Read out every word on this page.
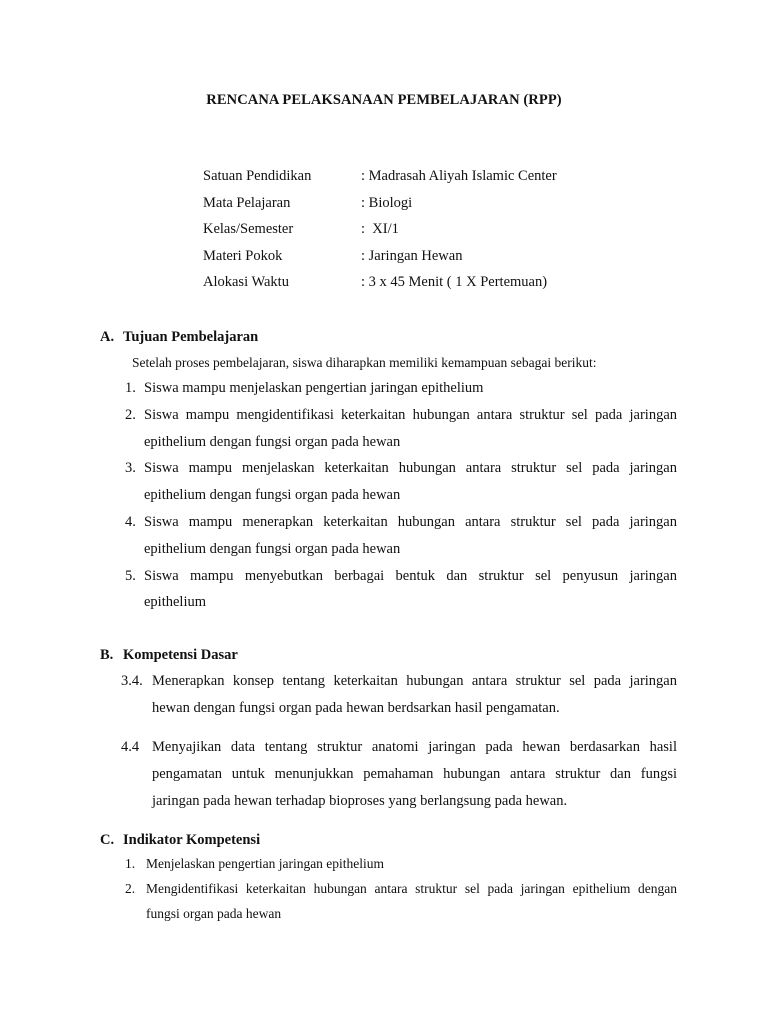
RENCANA PELAKSANAAN PEMBELAJARAN (RPP)
Satuan Pendidikan	: Madrasah Aliyah Islamic Center
Mata Pelajaran	: Biologi
Kelas/Semester	:  XI/1
Materi Pokok	: Jaringan Hewan
Alokasi Waktu	: 3 x 45 Menit ( 1 X Pertemuan)
A. Tujuan Pembelajaran
Setelah proses pembelajaran, siswa diharapkan memiliki kemampuan sebagai berikut:
1. Siswa mampu menjelaskan pengertian jaringan epithelium
2. Siswa mampu mengidentifikasi keterkaitan hubungan antara struktur sel pada jaringan
epithelium dengan fungsi organ pada hewan
3. Siswa mampu menjelaskan keterkaitan hubungan antara struktur sel pada jaringan
epithelium dengan fungsi organ pada hewan
4. Siswa mampu menerapkan keterkaitan hubungan antara struktur sel pada jaringan
epithelium dengan fungsi organ pada hewan
5. Siswa mampu menyebutkan berbagai bentuk dan struktur sel penyusun jaringan
epithelium
B. Kompetensi Dasar
3.4. Menerapkan konsep tentang keterkaitan hubungan antara struktur sel pada jaringan
hewan dengan fungsi organ pada hewan berdsarkan hasil pengamatan.
4.4 Menyajikan data tentang struktur anatomi jaringan pada hewan berdasarkan hasil
pengamatan untuk menunjukkan pemahaman hubungan antara struktur dan fungsi
jaringan pada hewan terhadap bioproses yang berlangsung pada hewan.
C. Indikator Kompetensi
1. Menjelaskan pengertian jaringan epithelium
2. Mengidentifikasi keterkaitan hubungan antara struktur sel pada jaringan epithelium dengan
fungsi organ pada hewan
